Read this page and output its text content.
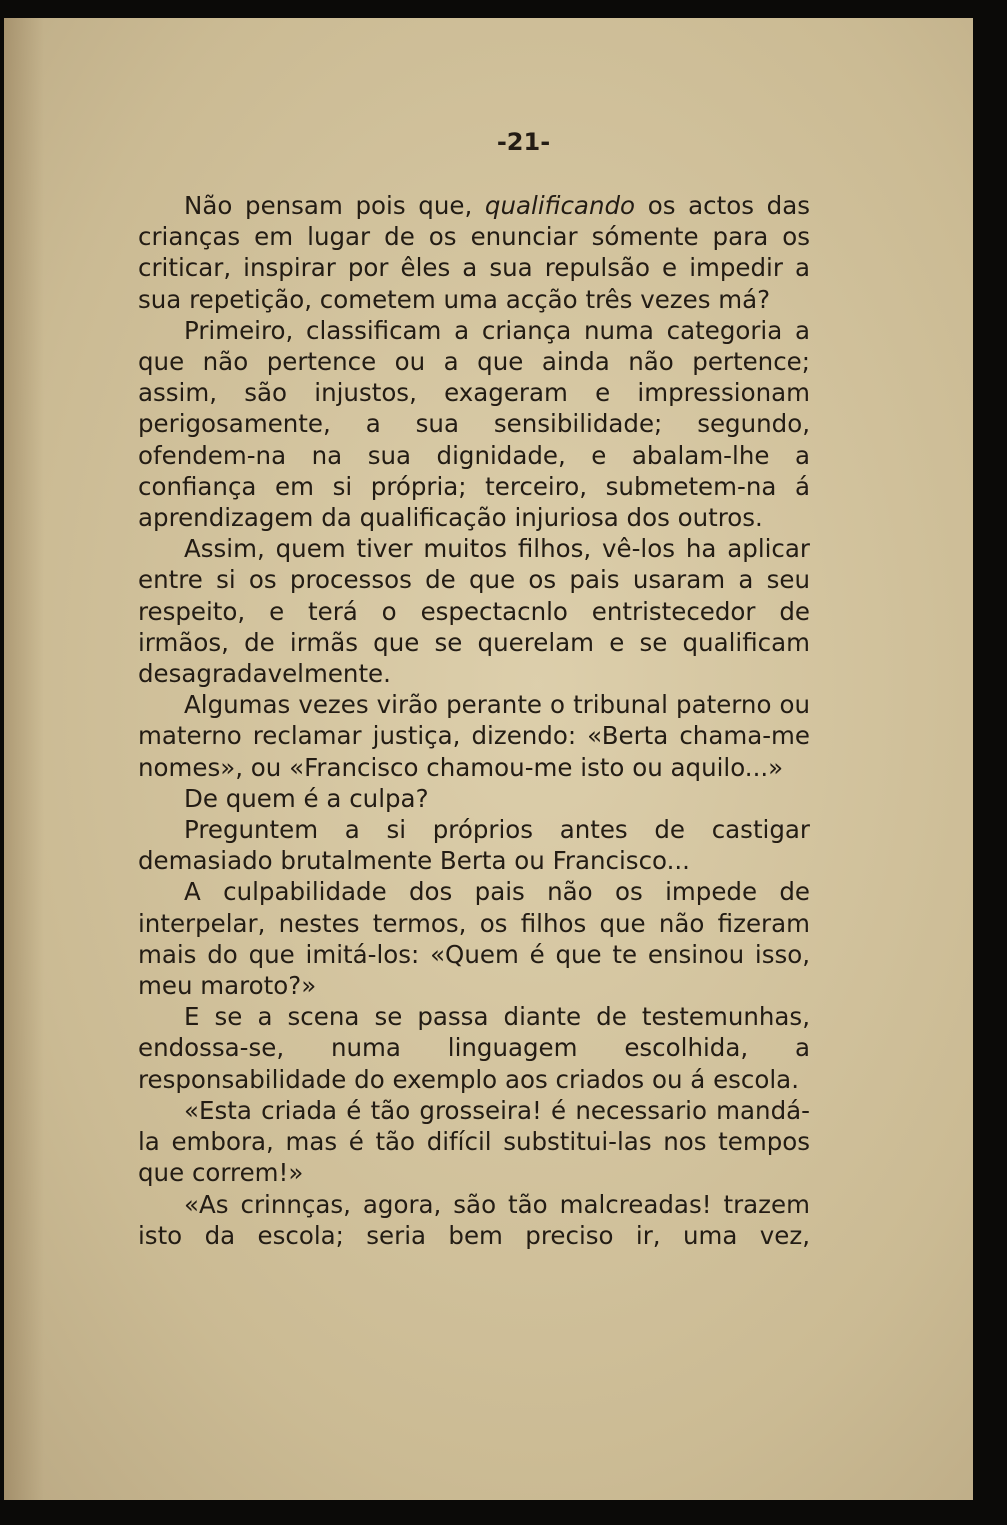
-21-

Não pensam pois que, qualificando os actos das crianças em lugar de os enunciar sómente para os criticar, inspirar por êles a sua repulsão e impedir a sua repetição, cometem uma acção três vezes má?

Primeiro, classificam a criança numa categoria a que não pertence ou a que ainda não pertence; assim, são injustos, exageram e impressionam perigosamente, a sua sensibilidade; segundo, ofendem-na na sua dignidade, e abalam-lhe a confiança em si própria; terceiro, submetem-na á aprendizagem da qualificação injuriosa dos outros.

Assim, quem tiver muitos filhos, vê-los ha aplicar entre si os processos de que os pais usaram a seu respeito, e terá o espectacnlo entristecedor de irmãos, de irmãs que se querelam e se qualificam desagradavelmente.

Algumas vezes virão perante o tribunal paterno ou materno reclamar justiça, dizendo: «Berta chama-me nomes», ou «Francisco chamou-me isto ou aquilo...»

De quem é a culpa?

Preguntem a si próprios antes de castigar demasiado brutalmente Berta ou Francisco...

A culpabilidade dos pais não os impede de interpelar, nestes termos, os filhos que não fizeram mais do que imitá-los: «Quem é que te ensinou isso, meu maroto?»

E se a scena se passa diante de testemunhas, endossa-se, numa linguagem escolhida, a responsabilidade do exemplo aos criados ou á escola.

«Esta criada é tão grosseira! é necessario mandá-la embora, mas é tão difícil substitui-las nos tempos que correm!»

«As crinnças, agora, são tão malcreadas! trazem isto da escola; seria bem preciso ir, uma vez,
